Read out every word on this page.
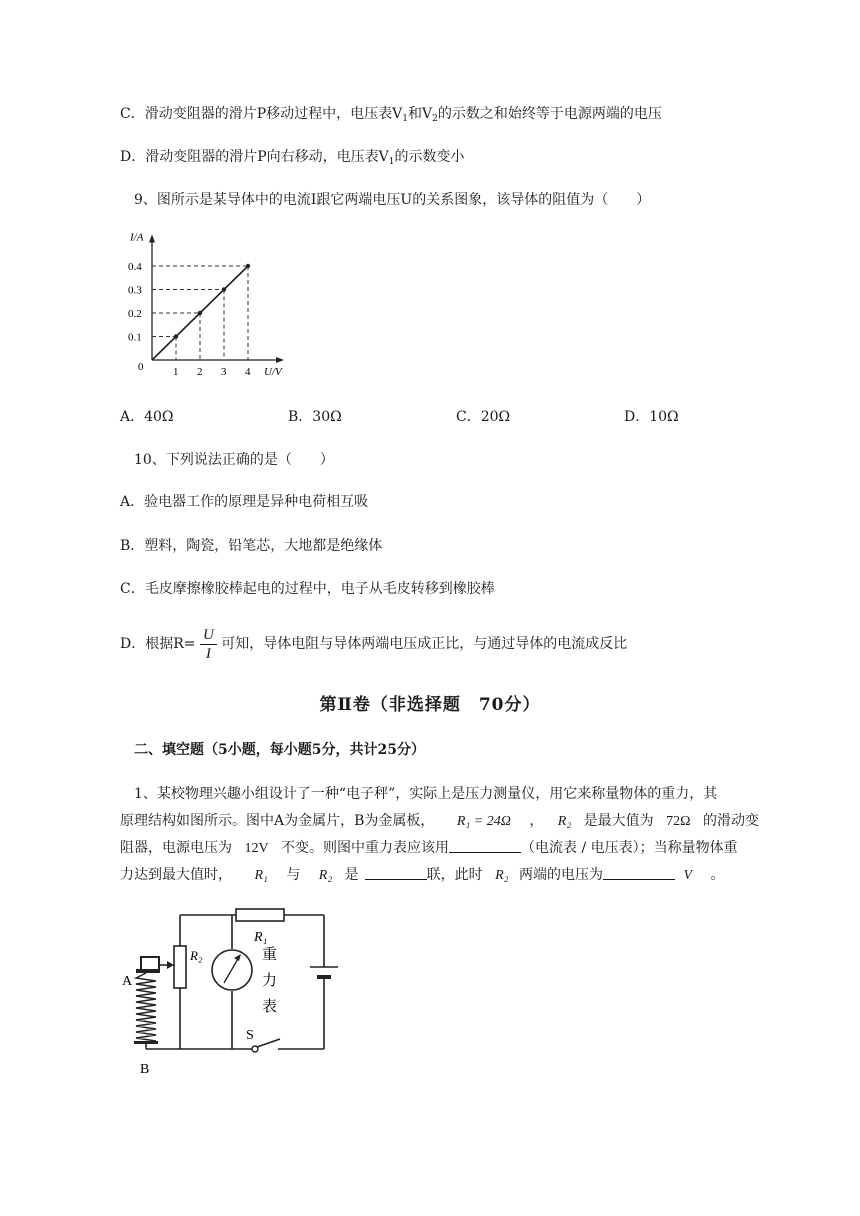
C．滑动变阻器的滑片P移动过程中，电压表$V_1$和$V_2$的示数之和始终等于电源两端的电压
D．滑动变阻器的滑片P向右移动，电压表$V_1$的示数变小
9、图所示是某导体中的电流I跟它两端电压U的关系图象，该导体的阻值为（　　）
1 2 3 4
0.1
0.2
0.3
0.4
0	U/V
I/A
A．40Ω	B．30Ω	C．20Ω	D．10Ω
10、下列说法正确的是（　　）
A．验电器工作的原理是异种电荷相互吸
B．塑料，陶瓷，铅笔芯，大地都是绝缘体
C．毛皮摩擦橡胶棒起电的过程中，电子从毛皮转移到橡胶棒
D．根据$R= \frac{U}{I}$ 可知，导体电阻与导体两端电压成正比，与通过导体的电流成反比
第Ⅱ卷（非选择题　70分）
二、填空题（5小题，每小题5分，共计25分）
1、某校物理兴趣小组设计了一种“电子秤”，实际上是压力测量仪，用它来称量物体的重力，其
原理结构如图所示。图中A为金属片，B为金属板， R₁ = 24Ω ， R₂ 是最大值为 72Ω 的滑动变
阻器，电源电压为 12V 不变。则图中重力表应该用	（电流表 / 电压表）；当称量物体重
力达到最大值时， R₁ 与 R₂ 是	联，此时 R₂ 两端的电压为	V 。
R₁
R₂
A
B
S
重
力
表
